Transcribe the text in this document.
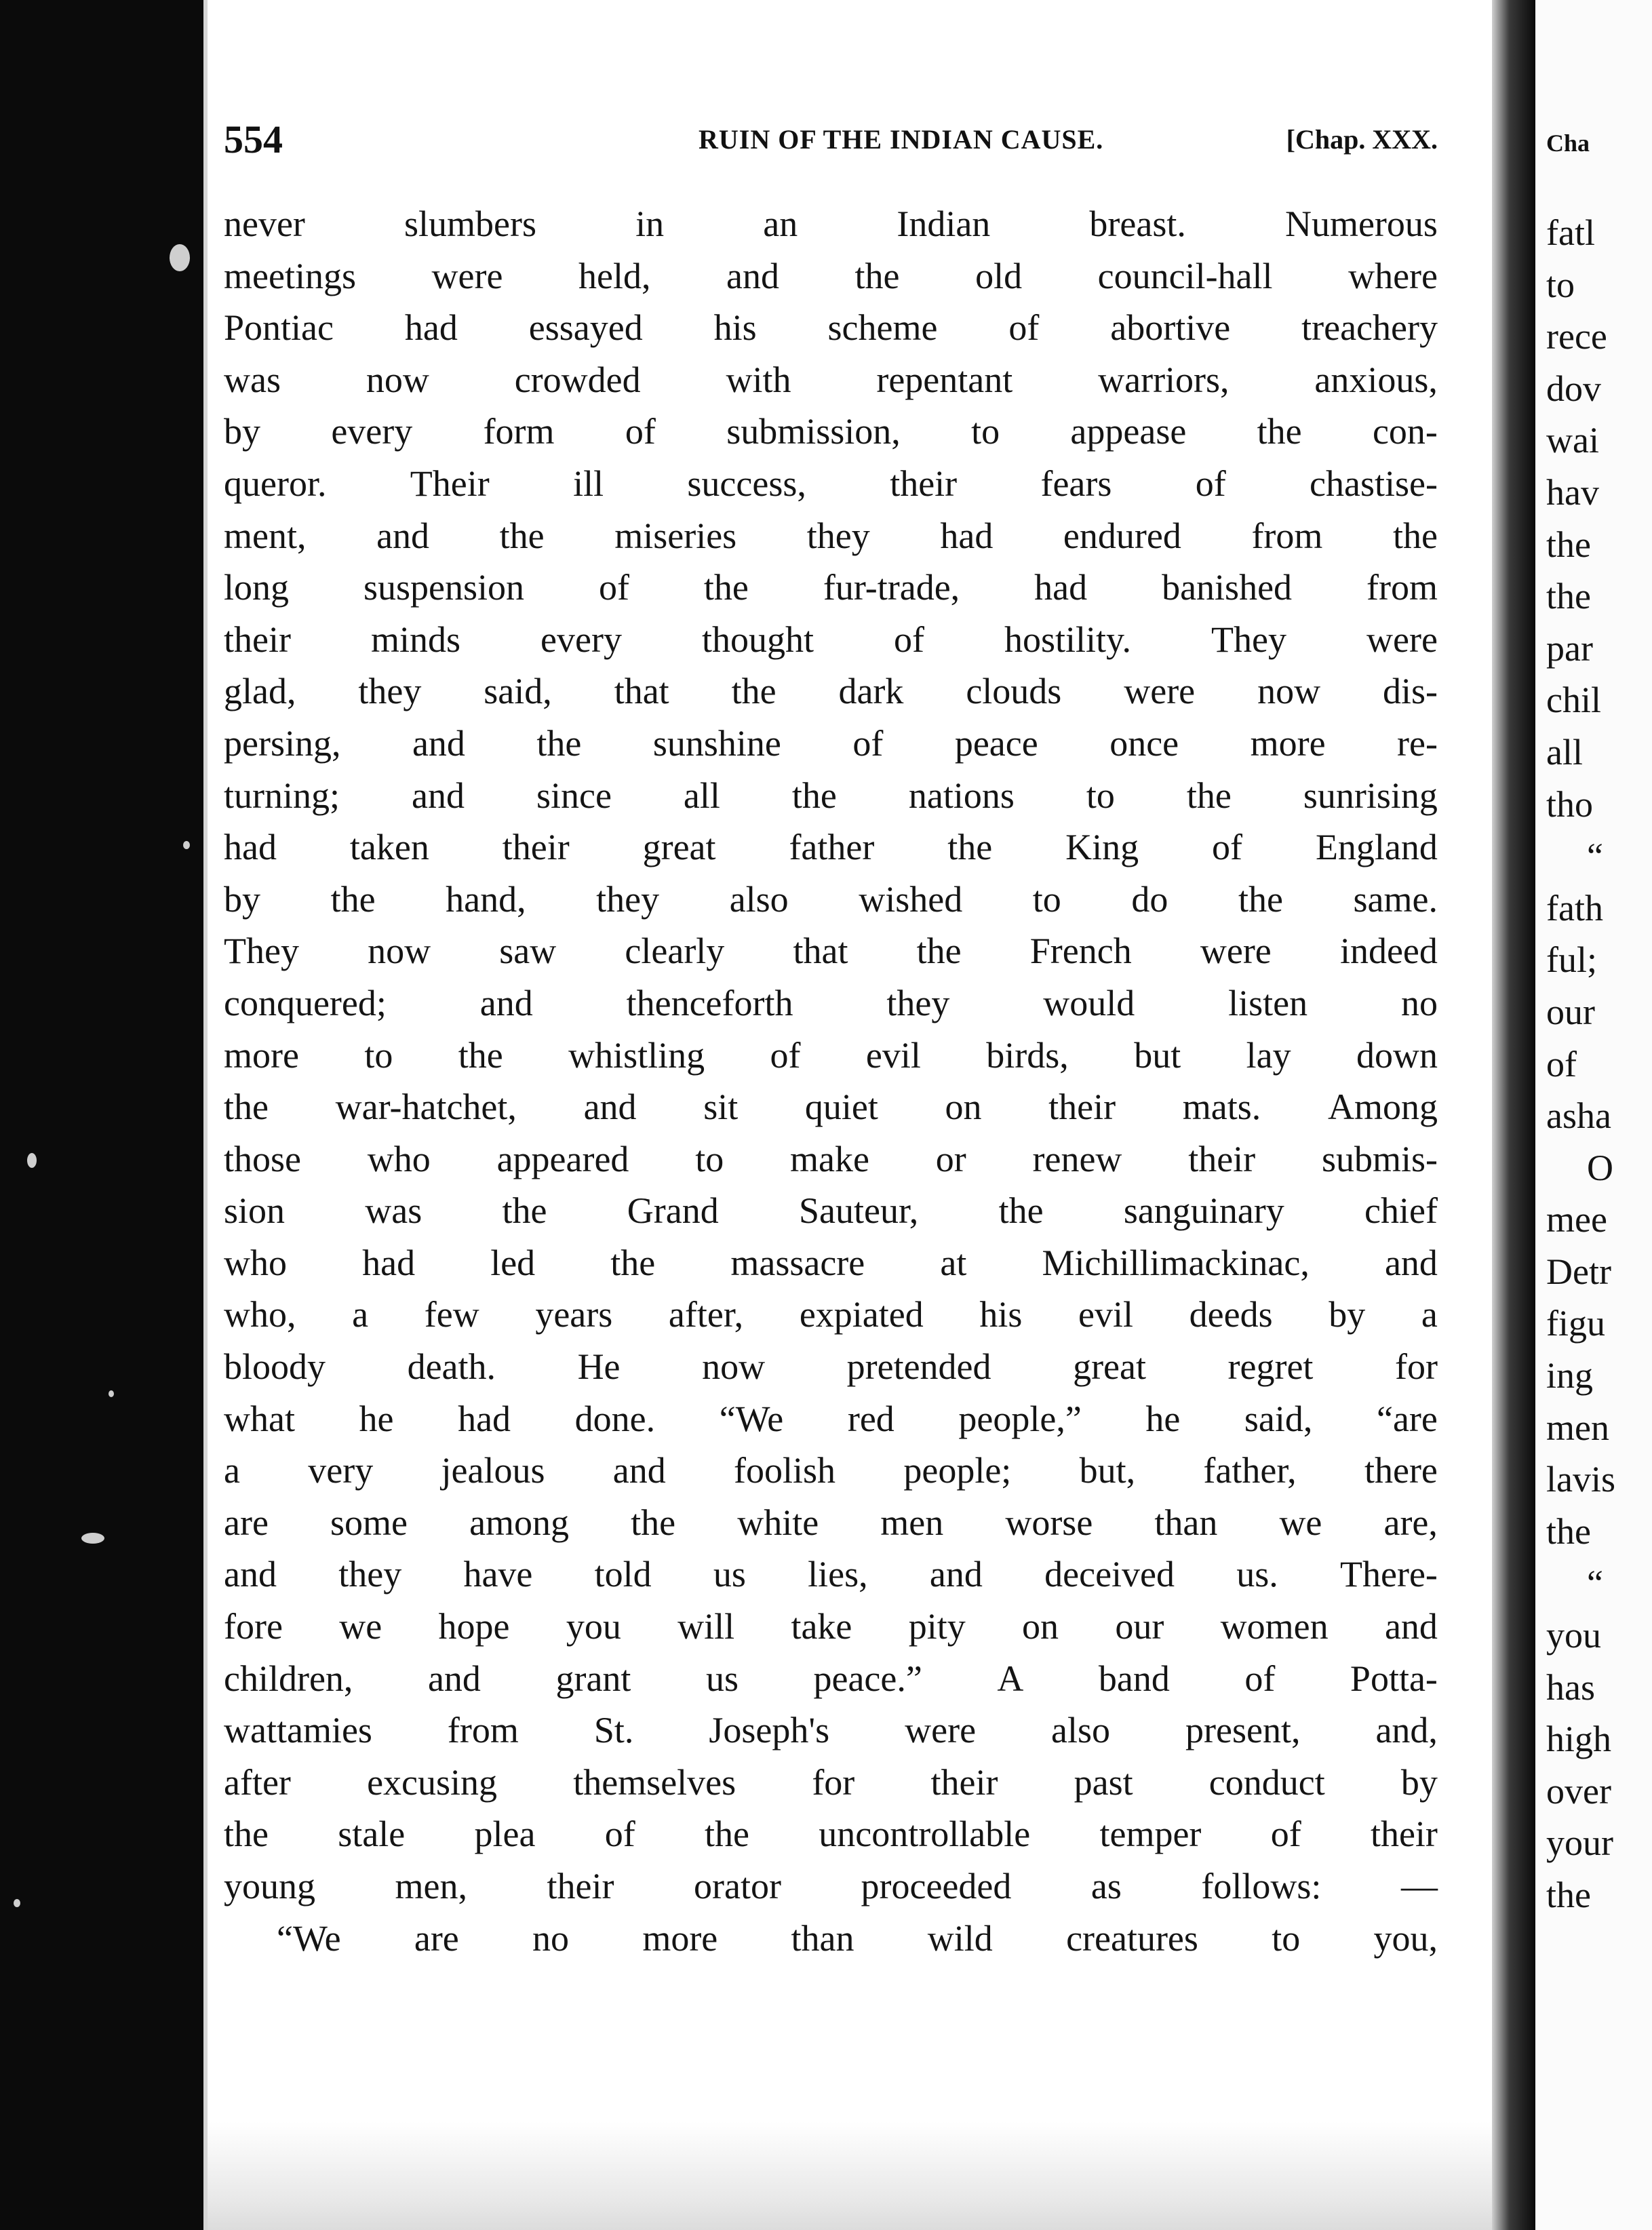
554	RUIN OF THE INDIAN CAUSE.	[Chap. XXX.
never	slumbers	in	an	Indian	breast.	Numerous
meetings were held, and the old council-hall where
Pontiac had essayed his scheme of abortive treachery
was now crowded with repentant warriors, anxious,
by every form of submission, to appease the con-
queror. Their ill success, their fears of chastise-
ment, and the miseries they had endured from the
long suspension of the fur-trade, had banished from
their minds every thought of hostility. They were
glad, they said, that the dark clouds were now dis-
persing, and the sunshine of peace once more re-
turning; and since all the nations to the sunrising
had taken their great father the King of England
by the hand, they also wished to do the same.
They now saw clearly that the French were indeed
conquered;	and	thenceforth	they	would	listen	no
more to the whistling of evil birds, but lay down
the war-hatchet, and sit quiet on their mats. Among
those who appeared to make or renew their submis-
sion was the Grand Sauteur, the sanguinary chief
who had led the massacre at Michillimackinac, and
who, a few years after, expiated his evil deeds by a
bloody death. He now pretended great regret for
what he had done. “We red people,” he said, “are
a very jealous and foolish people; but, father, there
are some among the white men worse than we are,
and they have told us lies, and deceived us. There-
fore we hope you will take pity on our women and
children, and grant us peace.” A band of Potta-
wattamies from St. Joseph's were also present, and,
after excusing themselves for their past conduct by
the stale plea of the uncontrollable temper of their
young men, their orator proceeded as follows: —
“We are no more than wild creatures to you,
Cha
fatl
to
rece
dov
wai
hav
the
the
par
chil
all
tho
“
fath
ful;
our
of
asha
O
mee
Detr
figu
ing
men
lavis
the
“
you
has
high
over
your
the
